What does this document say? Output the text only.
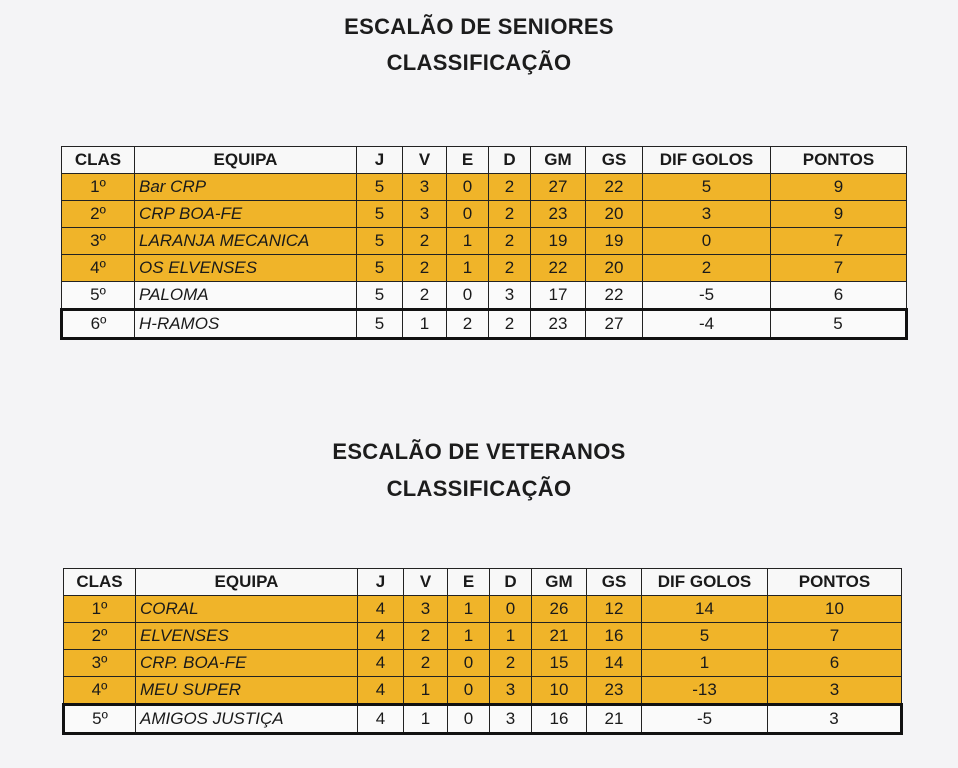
ESCALÃO DE SENIORES
CLASSIFICAÇÃO
CLAS	EQUIPA	J	V	E	D	GM	GS	DIF GOLOS	PONTOS
1º	Bar CRP	5	3	0	2	27	22	5	9
2º	CRP BOA-FE	5	3	0	2	23	20	3	9
3º	LARANJA MECANICA	5	2	1	2	19	19	0	7
4º	OS ELVENSES	5	2	1	2	22	20	2	7
5º	PALOMA	5	2	0	3	17	22	-5	6
6º	H-RAMOS	5	1	2	2	23	27	-4	5
ESCALÃO DE VETERANOS
CLASSIFICAÇÃO
CLAS	EQUIPA	J	V	E	D	GM	GS	DIF GOLOS	PONTOS
1º	CORAL	4	3	1	0	26	12	14	10
2º	ELVENSES	4	2	1	1	21	16	5	7
3º	CRP. BOA-FE	4	2	0	2	15	14	1	6
4º	MEU SUPER	4	1	0	3	10	23	-13	3
5º	AMIGOS JUSTIÇA	4	1	0	3	16	21	-5	3
